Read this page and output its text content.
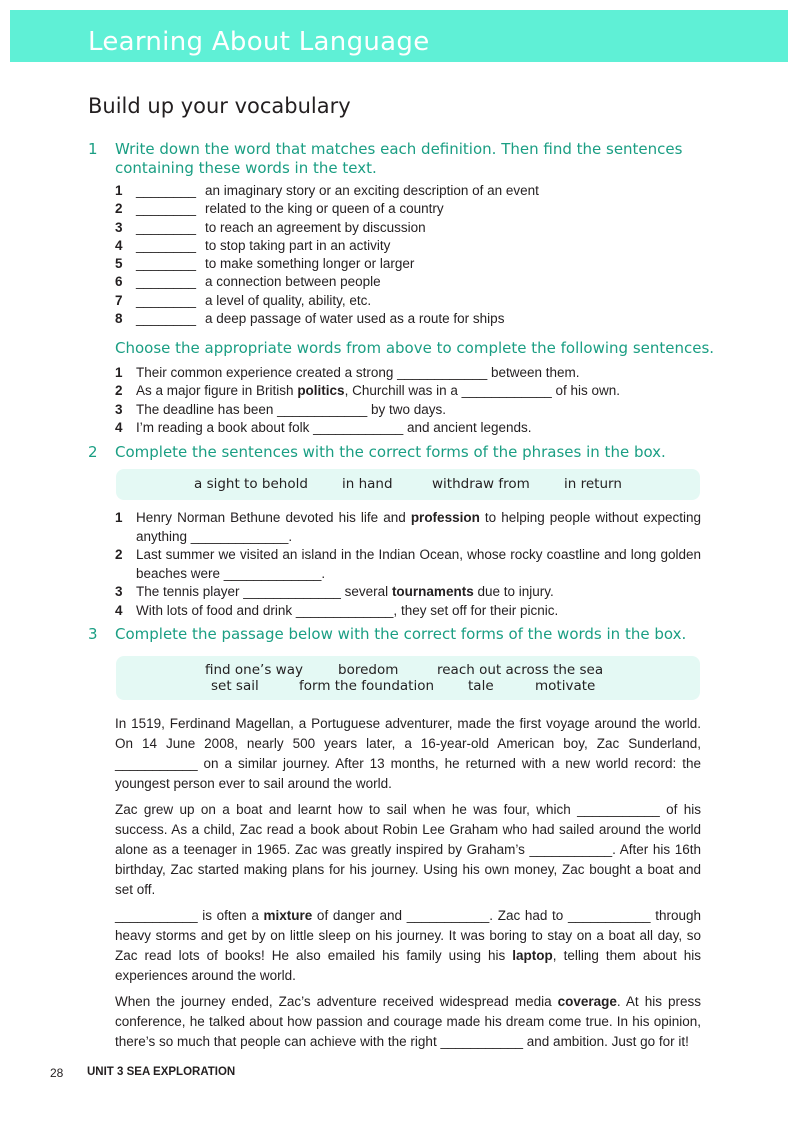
Learning About Language
Build up your vocabulary
1 Write down the word that matches each definition. Then find the sentences containing these words in the text.
1 ________ an imaginary story or an exciting description of an event
2 ________ related to the king or queen of a country
3 ________ to reach an agreement by discussion
4 ________ to stop taking part in an activity
5 ________ to make something longer or larger
6 ________ a connection between people
7 ________ a level of quality, ability, etc.
8 ________ a deep passage of water used as a route for ships
Choose the appropriate words from above to complete the following sentences.
1 Their common experience created a strong ____________ between them.
2 As a major figure in British politics, Churchill was in a ____________ of his own.
3 The deadline has been ____________ by two days.
4 I’m reading a book about folk ____________ and ancient legends.
2 Complete the sentences with the correct forms of the phrases in the box.
a sight to behold	in hand	withdraw from	in return
1 Henry Norman Bethune devoted his life and profession to helping people without expecting anything _____________.
2 Last summer we visited an island in the Indian Ocean, whose rocky coastline and long golden beaches were _____________.
3 The tennis player _____________ several tournaments due to injury.
4 With lots of food and drink _____________, they set off for their picnic.
3 Complete the passage below with the correct forms of the words in the box.
find one’s way	boredom	reach out across the sea
set sail	form the foundation	tale	motivate

In 1519, Ferdinand Magellan, a Portuguese adventurer, made the first voyage around the world. On 14 June 2008, nearly 500 years later, a 16-year-old American boy, Zac Sunderland, ___________ on a similar journey. After 13 months, he returned with a new world record: the youngest person ever to sail around the world.

Zac grew up on a boat and learnt how to sail when he was four, which ___________ of his success. As a child, Zac read a book about Robin Lee Graham who had sailed around the world alone as a teenager in 1965. Zac was greatly inspired by Graham’s ___________. After his 16th birthday, Zac started making plans for his journey. Using his own money, Zac bought a boat and set off.

___________ is often a mixture of danger and ___________. Zac had to ___________ through heavy storms and get by on little sleep on his journey. It was boring to stay on a boat all day, so Zac read lots of books! He also emailed his family using his laptop, telling them about his experiences around the world.

When the journey ended, Zac’s adventure received widespread media coverage. At his press conference, he talked about how passion and courage made his dream come true. In his opinion, there’s so much that people can achieve with the right ___________ and ambition. Just go for it!

28 UNIT 3 SEA EXPLORATION
